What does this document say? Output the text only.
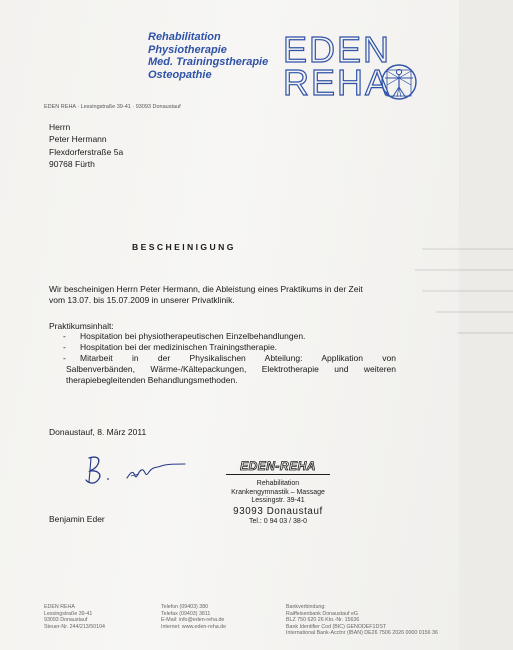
▬▬▬▬▬▬▬▬▬▬▬▬▬
▬▬▬▬▬▬▬▬▬▬▬▬▬▬
▬▬▬▬▬▬▬▬▬▬▬▬▬
▬▬▬▬▬▬▬▬▬▬▬
▬▬▬▬▬▬▬▬
Rehabilitation
Physiotherapie
Med. Trainingstherapie
Osteopathie
EDEN
REHA
EDEN REHA · Lessingstraße 39-41 · 93093 Donaustauf
Herrn
Peter Hermann
Flexdorferstraße 5a
90768 Fürth
BESCHEINIGUNG
Wir bescheinigen Herrn Peter Hermann, die Ableistung eines Praktikums in der Zeit
vom 13.07. bis 15.07.2009 in unserer Privatklinik.
Praktikumsinhalt:
-	Hospitation bei physiotherapeutischen Einzelbehandlungen.
-	Hospitation bei der medizinischen Trainingstherapie.
-	Mitarbeit in der Physikalischen Abteilung: Applikation von
Salbenverbänden, Wärme-/Kältepackungen, Elektrotherapie und weiteren
therapiebegleitenden Behandlungsmethoden.
Donaustauf, 8. März 2011
EDEN-REHA
Rehabilitation
Krankengymnastik – Massage
Lessingstr. 39-41
93093 Donaustauf
Tel.: 0 94 03 / 38-0
Benjamin Eder
EDEN REHA
Lessingstraße 39-41
93093 Donaustauf
Steuer-Nr. 244/213/50104
Telefon (09403) 380
Telefax (09403) 3811
E-Mail: info@eden-reha.de
Internet: www.eden-reha.de
Bankverbindung:
Raiffeisenbank Donaustauf eG
BLZ 750 620 26 Kto.-Nr. 15636
Bank Identifier Cod (BIC) GENODEF1DST
International Bank-Acctnr (IBAN) DE26 7506 2026 0000 0156 36
